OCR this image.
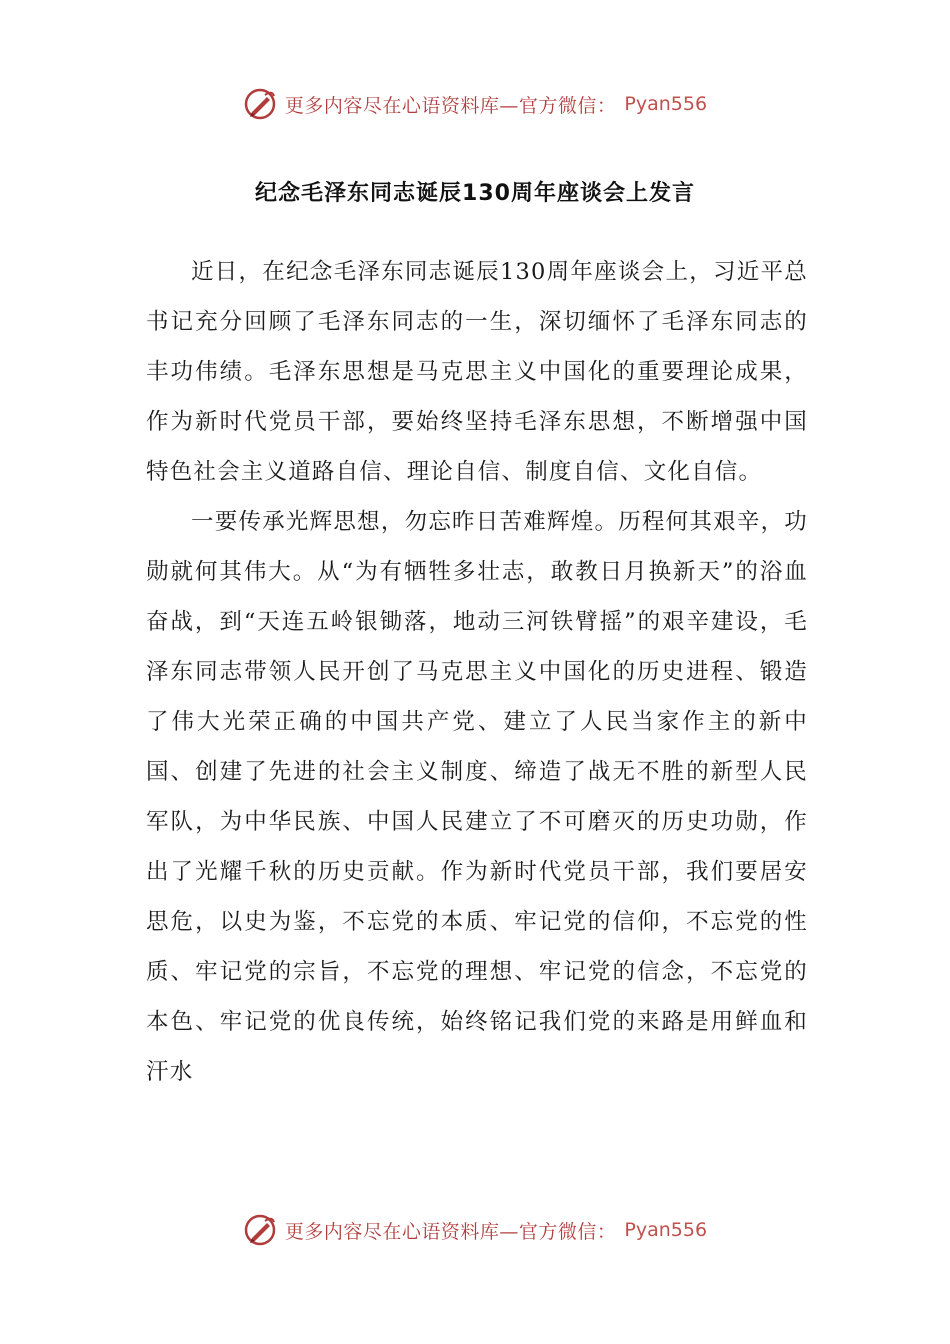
更多内容尽在心语资料库—官方微信： Pyan556
纪念毛泽东同志诞辰130周年座谈会上发言

近日，在纪念毛泽东同志诞辰130周年座谈会上，习近平总书记充分回顾了毛泽东同志的一生，深切缅怀了毛泽东同志的丰功伟绩。毛泽东思想是马克思主义中国化的重要理论成果，作为新时代党员干部，要始终坚持毛泽东思想，不断增强中国特色社会主义道路自信、理论自信、制度自信、文化自信。

一要传承光辉思想，勿忘昨日苦难辉煌。历程何其艰辛，功勋就何其伟大。从“为有牺牲多壮志，敢教日月换新天”的浴血奋战，到“天连五岭银锄落，地动三河铁臂摇”的艰辛建设，毛泽东同志带领人民开创了马克思主义中国化的历史进程、锻造了伟大光荣正确的中国共产党、建立了人民当家作主的新中国、创建了先进的社会主义制度、缔造了战无不胜的新型人民军队，为中华民族、中国人民建立了不可磨灭的历史功勋，作出了光耀千秋的历史贡献。作为新时代党员干部，我们要居安思危，以史为鉴，不忘党的本质、牢记党的信仰，不忘党的性质、牢记党的宗旨，不忘党的理想、牢记党的信念，不忘党的本色、牢记党的优良传统，始终铭记我们党的来路是用鲜血和汗水

更多内容尽在心语资料库—官方微信： Pyan556
